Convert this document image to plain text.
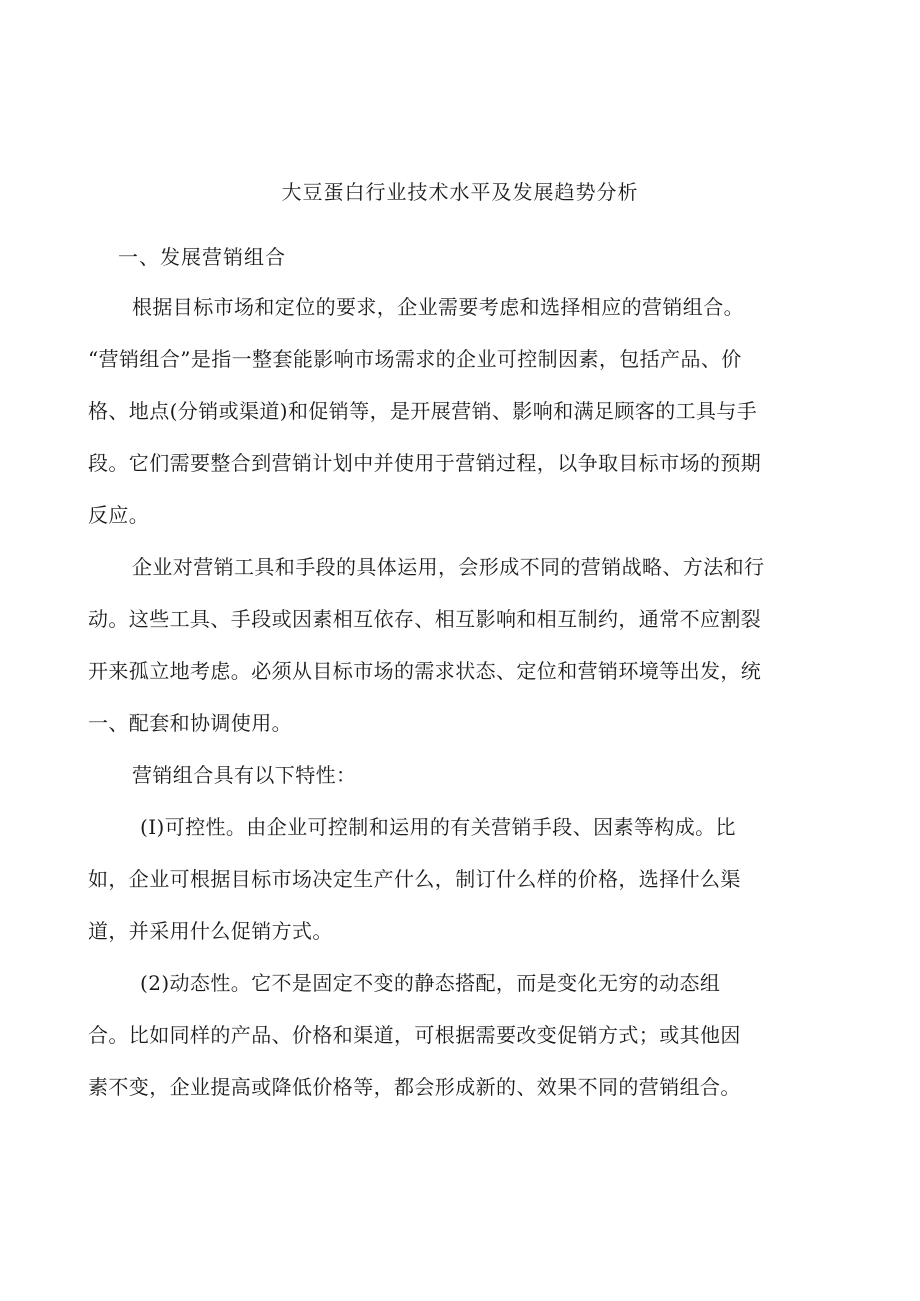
大豆蛋白行业技术水平及发展趋势分析
一、发展营销组合
根据目标市场和定位的要求，企业需要考虑和选择相应的营销组合。
“营销组合”是指一整套能影响市场需求的企业可控制因素，包括产品、价
格、地点(分销或渠道)和促销等，是开展营销、影响和满足顾客的工具与手
段。它们需要整合到营销计划中并使用于营销过程，以争取目标市场的预期
反应。
企业对营销工具和手段的具体运用，会形成不同的营销战略、方法和行
动。这些工具、手段或因素相互依存、相互影响和相互制约，通常不应割裂
开来孤立地考虑。必须从目标市场的需求状态、定位和营销环境等出发，统
一、配套和协调使用。
营销组合具有以下特性：
(I)可控性。由企业可控制和运用的有关营销手段、因素等构成。比
如，企业可根据目标市场决定生产什么，制订什么样的价格，选择什么渠
道，并采用什么促销方式。
(2)动态性。它不是固定不变的静态搭配，而是变化无穷的动态组
合。比如同样的产品、价格和渠道，可根据需要改变促销方式；或其他因
素不变，企业提高或降低价格等，都会形成新的、效果不同的营销组合。
